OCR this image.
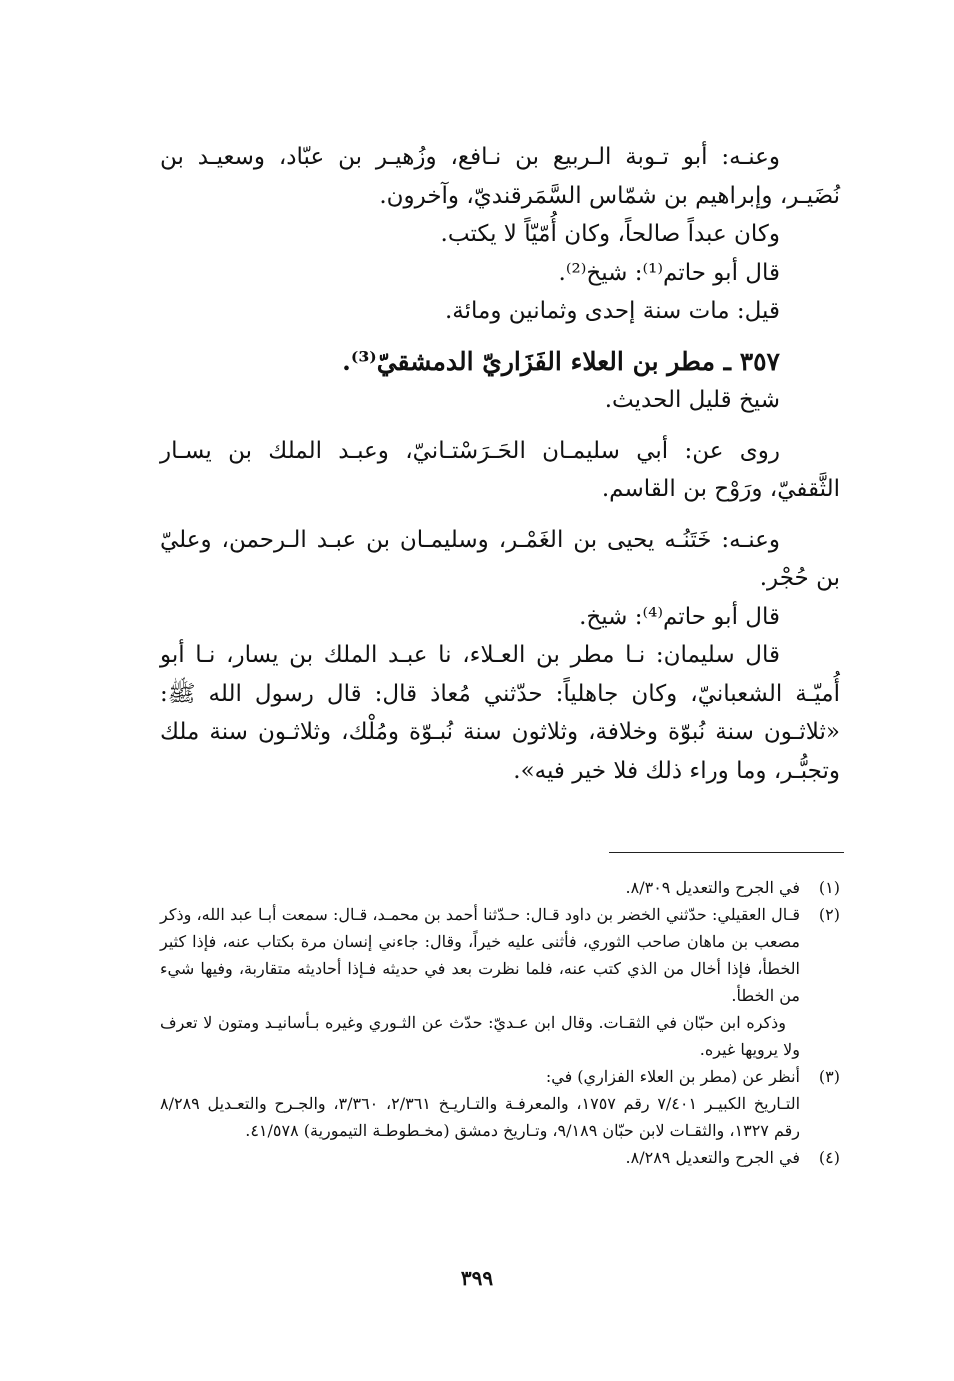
وعنـه: أبو تـوبة الـربيع بن نـافع، وزُهيـر بن عبّاد، وسعيـد بن نُضَيـر، وإبراهيم بن شمّاس السَّمَرقنديّ، وآخرون.

وكان عبداً صالحاً، وكان أُمّيّاً لا يكتب.

قال أبو حاتم⁽¹⁾: شيخ⁽²⁾.

قيل: مات سنة إحدى وثمانين ومائة.

٣٥٧ ـ مطر بن العلاء الفَزَاريّ الدمشقيّ⁽³⁾.

شيخ قليل الحديث.

روى عن: أبي سليمـان الحَـرَسْتـانيّ، وعبـد الملك بن يسـار الثَّقفيّ، ورَوْح بن القاسم.

وعنـه: خَتَنُـه يحيى بن الغَمْـر، وسليمـان بن عبـد الـرحمن، وعليّ بن حُجْر.

قال أبو حاتم⁽⁴⁾: شيخ.

قال سليمان: نـا مطر بن العـلاء، نا عبـد الملك بن يسار، نـا أبو أُميّـة الشعبانيّ، وكان جاهلياً: حدّثني مُعاذ قال: قال رسول الله ﷺ: «ثلاثـون سنة نُبوّة وخلافة، وثلاثون سنة نُبـوّة ومُلْك، وثلاثـون سنة ملك وتجبُّـر، وما وراء ذلك فلا خير فيه».

(١)

في الجرح والتعديل ٨/٣٠٩.

(٢)

قـال العقيلي: حدّثني الخضر بن داود قـال: حـدّثنا أحمد بن محمـد، قـال: سمعت أبـا عبد الله، وذكر مصعب بن ماهان صاحب الثوري، فأثنى عليه خيراً، وقال: جاءني إنسان مرة بكتاب عنه، فإذا كثير الخطأ، فإذا أخال من الذي كتب عنه، فلما نظرت بعد في حديثه فـإذا أحاديثه متقاربة، وفيها شيء من الخطأ.

وذكره ابن حبّان في الثقـات. وقال ابن عـديّ: حدّث عن الثـوري وغيره بـأسانيـد ومتون لا تعرف ولا يرويها غيره.

(٣)

أنظر عن (مطر بن العلاء الفزاري) في:

التـاريخ الكبيـر ٧/٤٠١ رقم ١٧٥٧، والمعرفـة والتـاريـخ ٢/٣٦١، ٣/٣٦٠، والجـرح والتعـديل ٨/٢٨٩ رقم ١٣٢٧، والثقـات لابن حبّان ٩/١٨٩، وتـاريخ دمشق (مخـطوطـة التيمورية) ٤١/٥٧٨.

(٤)

في الجرح والتعديل ٨/٢٨٩.

٣٩٩
